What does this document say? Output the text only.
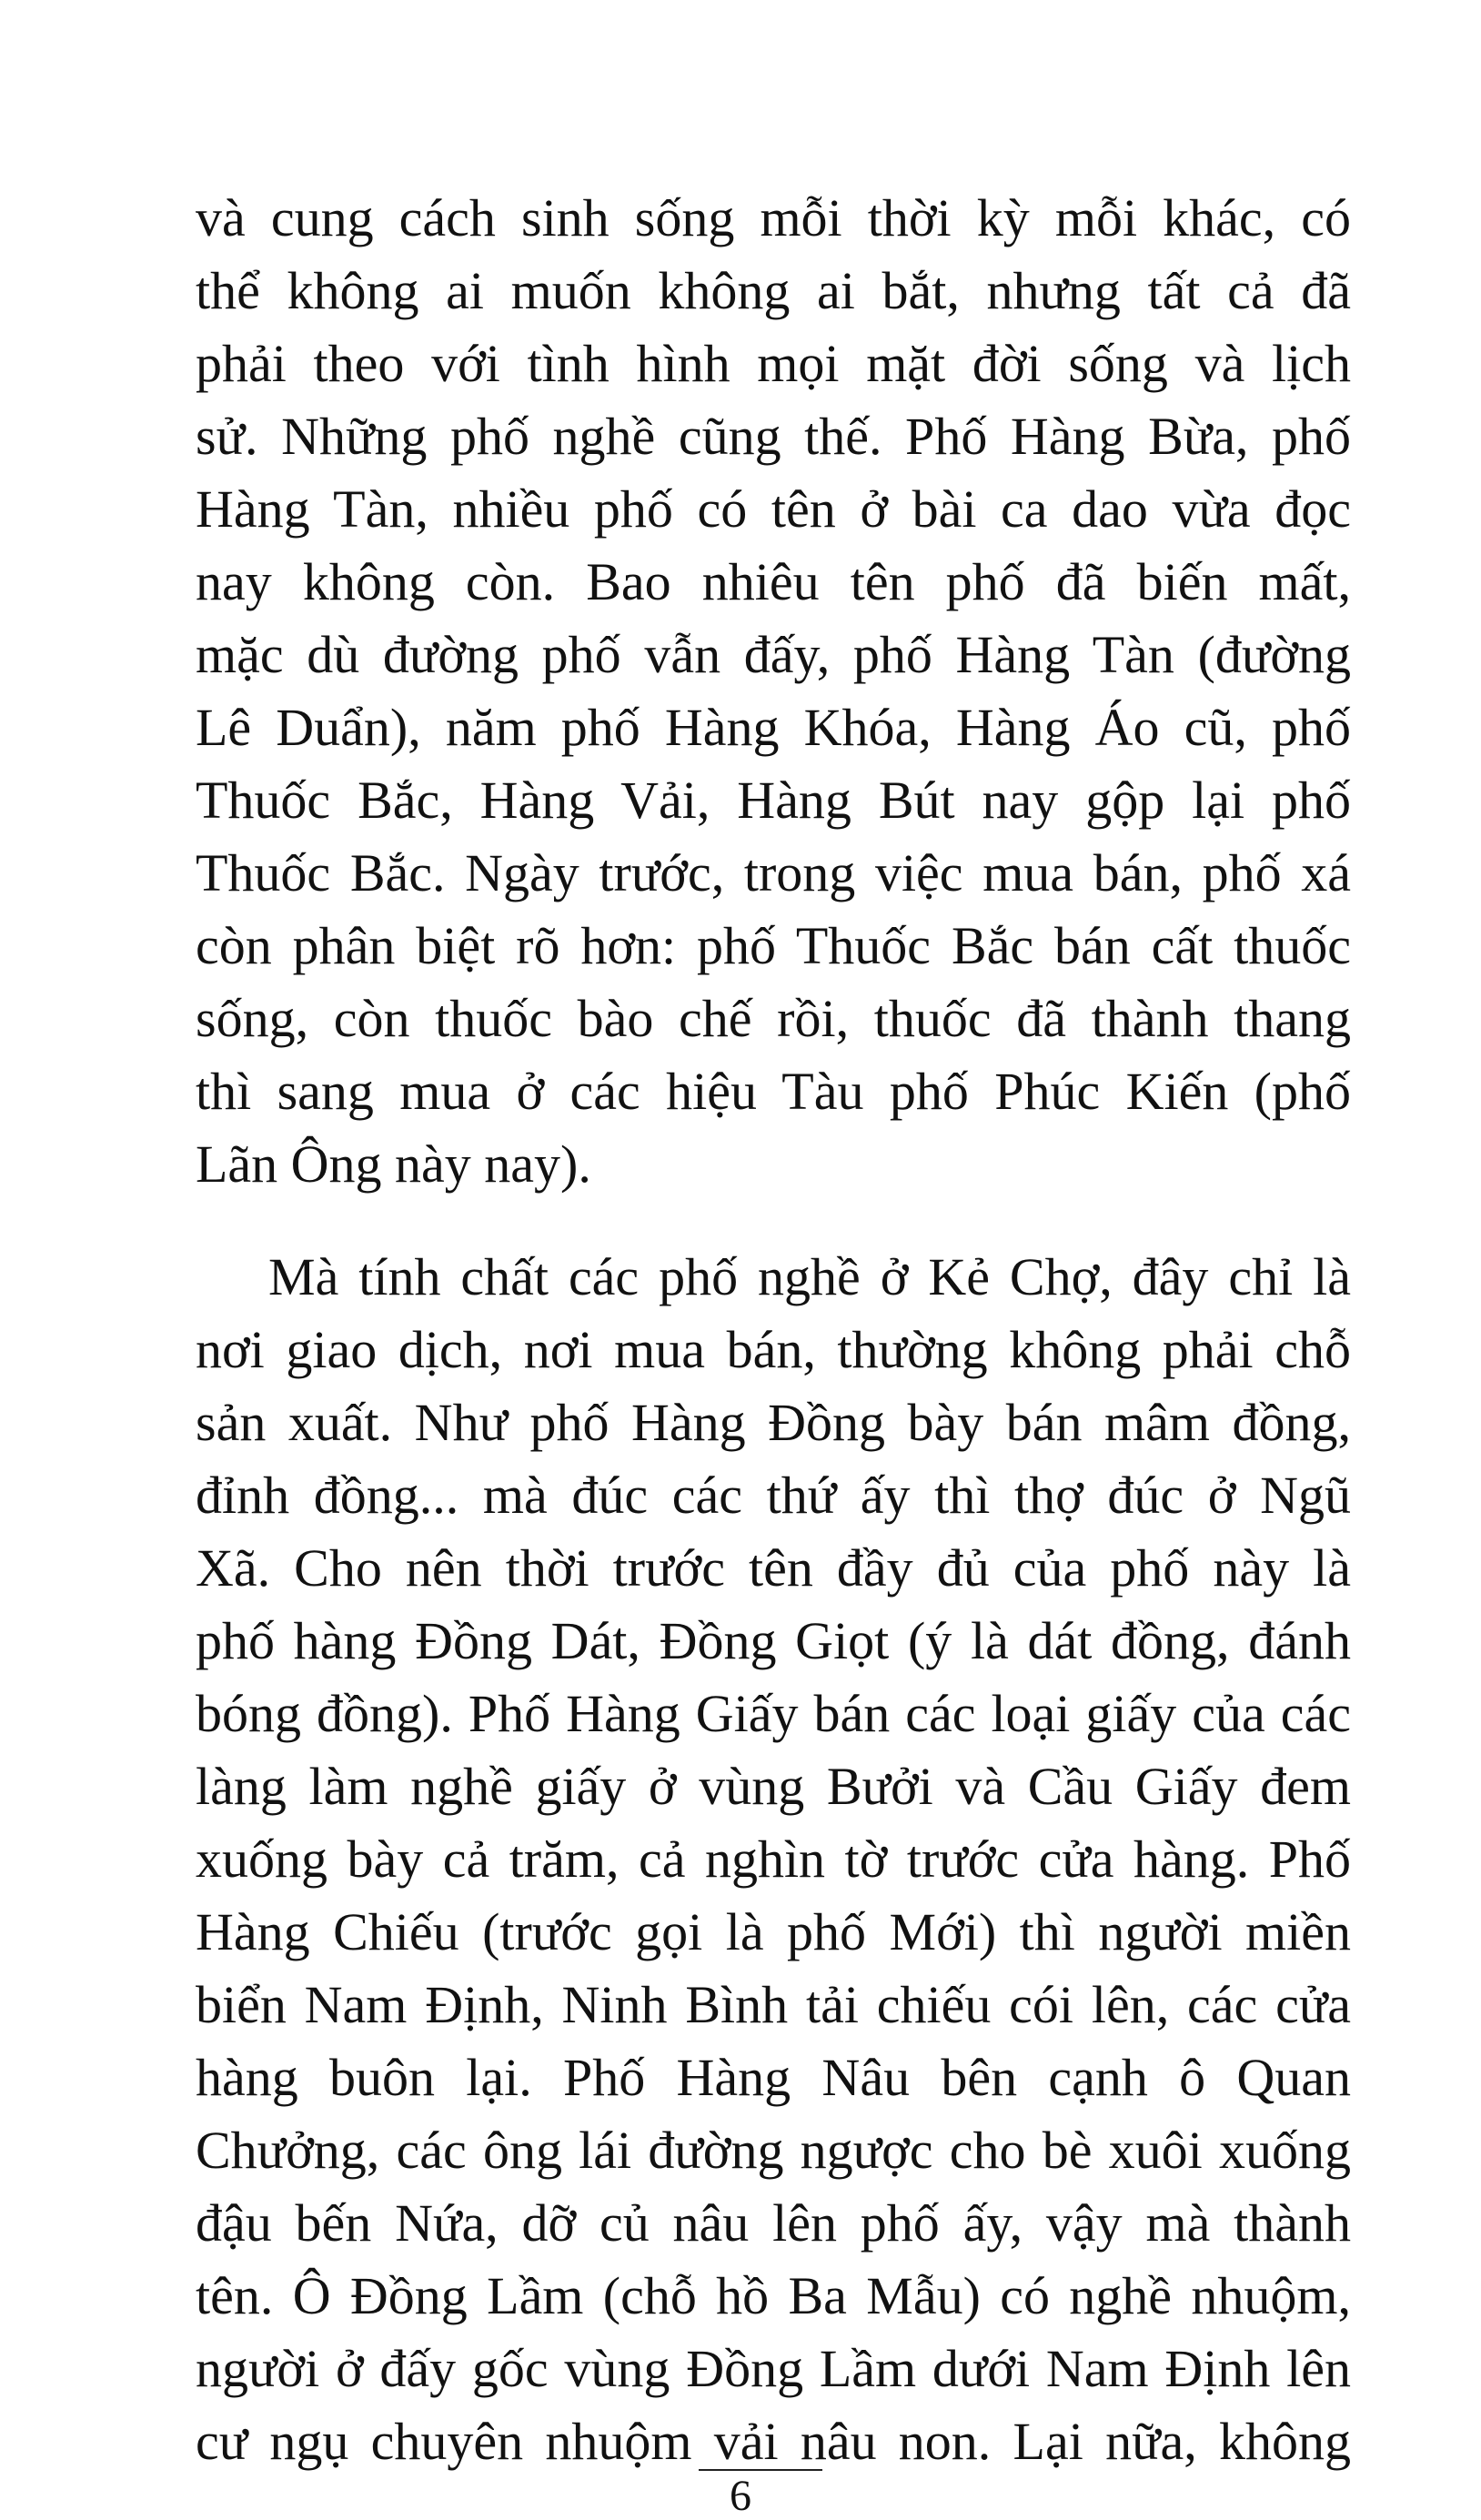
và cung cách sinh sống mỗi thời kỳ mỗi khác, có
thể không ai muốn không ai bắt, nhưng tất cả đã
phải theo với tình hình mọi mặt đời sống và lịch
sử. Những phố nghề cũng thế. Phố Hàng Bừa, phố
Hàng Tàn, nhiều phố có tên ở bài ca dao vừa đọc
nay không còn. Bao nhiêu tên phố đã biến mất,
mặc dù đường phố vẫn đấy, phố Hàng Tàn (đường
Lê Duẩn), năm phố Hàng Khóa, Hàng Áo cũ, phố
Thuốc Bắc, Hàng Vải, Hàng Bút nay gộp lại phố
Thuốc Bắc. Ngày trước, trong việc mua bán, phố xá
còn phân biệt rõ hơn: phố Thuốc Bắc bán cất thuốc
sống, còn thuốc bào chế rồi, thuốc đã thành thang
thì sang mua ở các hiệu Tàu phố Phúc Kiến (phố
Lãn Ông này nay).
Mà tính chất các phố nghề ở Kẻ Chợ, đây chỉ là
nơi giao dịch, nơi mua bán, thường không phải chỗ
sản xuất. Như phố Hàng Đồng bày bán mâm đồng,
đỉnh đồng... mà đúc các thứ ấy thì thợ đúc ở Ngũ
Xã. Cho nên thời trước tên đầy đủ của phố này là
phố hàng Đồng Dát, Đồng Giọt (ý là dát đồng, đánh
bóng đồng). Phố Hàng Giấy bán các loại giấy của các
làng làm nghề giấy ở vùng Bưởi và Cầu Giấy đem
xuống bày cả trăm, cả nghìn tờ trước cửa hàng. Phố
Hàng Chiếu (trước gọi là phố Mới) thì người miền
biển Nam Định, Ninh Bình tải chiếu cói lên, các cửa
hàng buôn lại. Phố Hàng Nâu bên cạnh ô Quan
Chưởng, các ông lái đường ngược cho bè xuôi xuống
đậu bến Nứa, dỡ củ nâu lên phố ấy, vậy mà thành
tên. Ô Đồng Lầm (chỗ hồ Ba Mẫu) có nghề nhuộm,
người ở đấy gốc vùng Đồng Lầm dưới Nam Định lên
cư ngụ chuyên nhuộm vải nâu non. Lại nữa, không
6
